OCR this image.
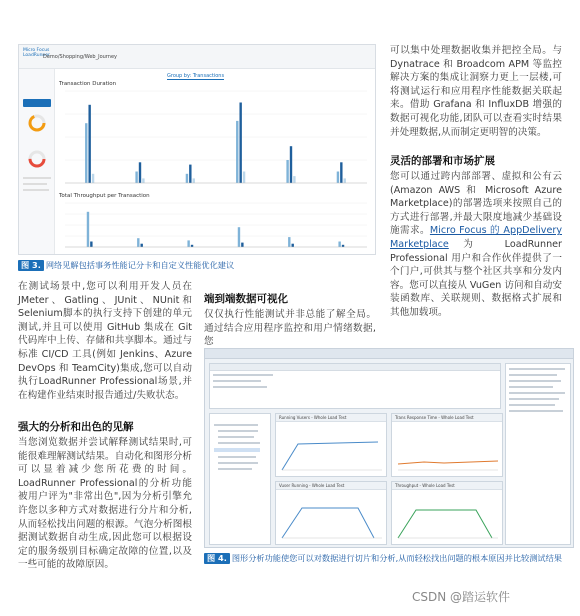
Micro Focus
LoadRunner
Demo/Shopping/Web_Journey
Group by: Transactions
Transaction Duration
Total Throughput per Transaction
图 3. 网络见解包括事务性能记分卡和自定义性能优化建议
可以集中处理数据收集并把控全局。与 Dynatrace 和 Broadcom APM 等监控解决方案的集成让洞察力更上一层楼,可将测试运行和应用程序性能数据关联起来。借助 Grafana 和 InfluxDB 增强的数据可视化功能,团队可以查看实时结果并处理数据,从而制定更明智的决策。
灵活的部署和市场扩展
您可以通过跨内部部署、虚拟和公有云(Amazon AWS 和 Microsoft Azure Marketplace)的部署选项来按照自己的方式进行部署,并最大限度地减少基础设施需求。Micro Focus 的 AppDelivery Marketplace为 LoadRunner Professional 用户和合作伙伴提供了一个门户,可供其与整个社区共享和分发内容。您可以直接从 VuGen 访问和自动安装函数库、关联规则、数据格式扩展和其他加载项。
在测试场景中,您可以利用开发人员在JMeter、Gatling、JUnit、NUnit和Selenium脚本的执行支持下创建的单元测试,并且可以使用 GitHub 集成在 Git 代码库中上传、存储和共享脚本。通过与标准 CI/CD 工具(例如 Jenkins、Azure DevOps 和 TeamCity)集成,您可以自动执行LoadRunner Professional场景,并在构建作业结束时报告通过/失败状态。
强大的分析和出色的见解
当您浏览数据并尝试解释测试结果时,可能很难理解测试结果。自动化和图形分析可以显着减少您所花费的时间。LoadRunner Professional的分析功能被用户评为"非常出色",因为分析引擎允许您以多种方式对数据进行分片和分析,从而轻松找出问题的根源。气泡分析图根据测试数据自动生成,因此您可以根据设定的服务级别目标确定故障的位置,以及一些可能的故障原因。
端到端数据可视化
仅仅执行性能测试并非总能了解全局。通过结合应用程序监控和用户情绪数据,您
Running Vusers - Whole Load Test	Trans Response Time - Whole Load Test
Vuser Running - Whole Load Test	Throughput - Whole Load Test
图 4. 图形分析功能使您可以对数据进行切片和分析,从而轻松找出问题的根本原因并比较测试结果
CSDN @踏运软件
